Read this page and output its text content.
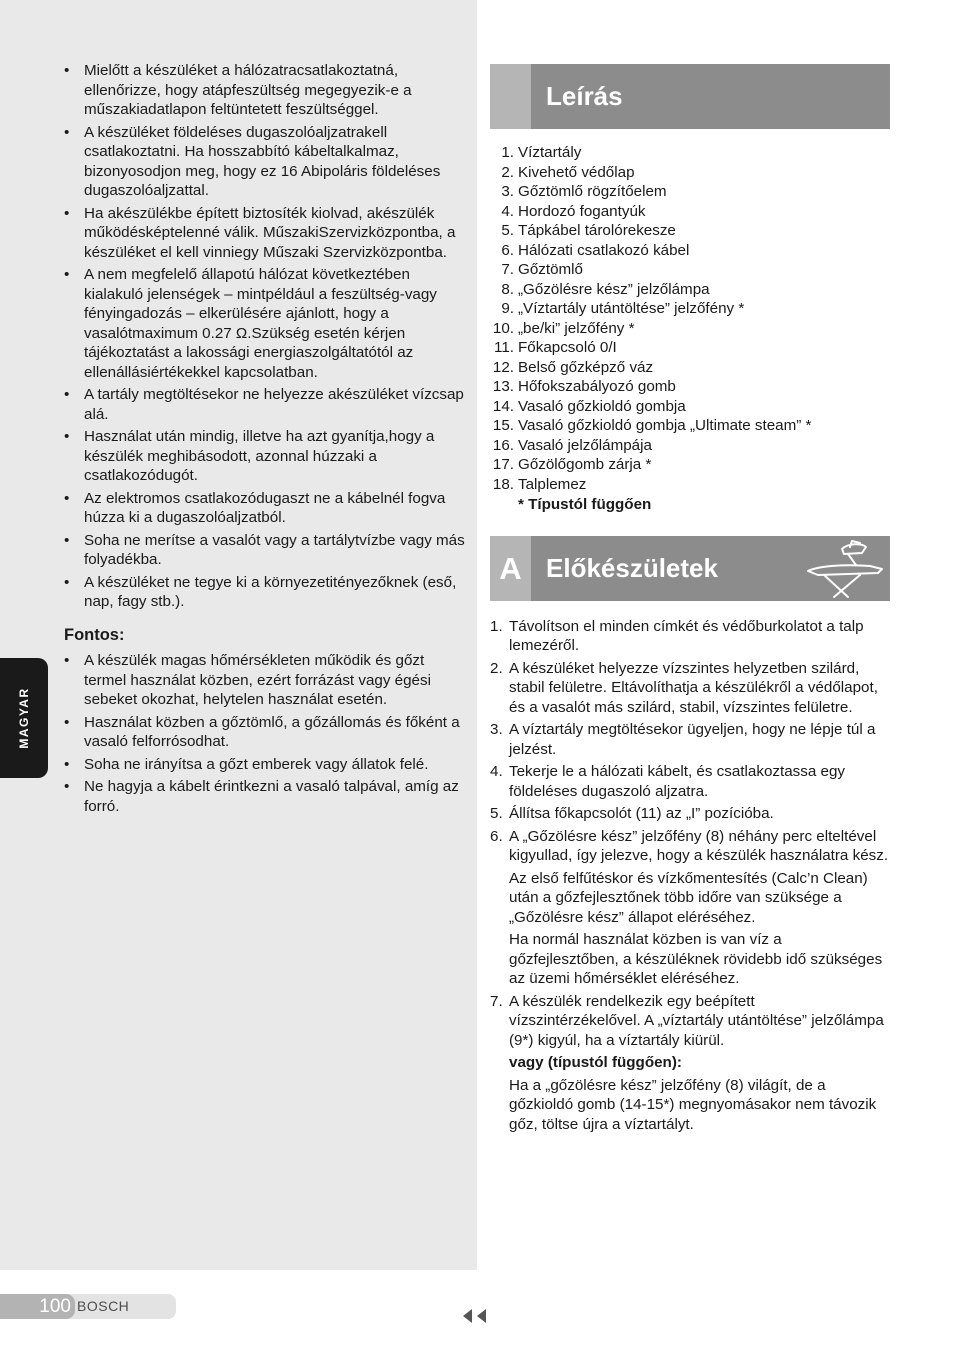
MAGYAR
• Mielőtt a készüléket a hálózatracsatlakoztatná, ellenőrizze, hogy atápfeszültség megegyezik-e a műszakiadatlapon feltüntetett feszültséggel.
• A készüléket földeléses dugaszolóaljzatrakell csatlakoztatni. Ha hosszabbító kábeltalkalmaz, bizonyosodjon meg, hogy ez 16 Abipoláris földeléses dugaszolóaljzattal.
• Ha akészülékbe épített biztosíték kiolvad, akészülék működésképtelenné válik. MűszakiSzervizközpontba, a készüléket el kell vinniegy Műszaki Szervizközpontba.
• A nem megfelelő állapotú hálózat következtében kialakuló jelenségek – mintpéldául a feszültség-vagy fényingadozás – elkerülésére ajánlott, hogy a vasalótmaximum 0.27 Ω.Szükség esetén kérjen tájékoztatást a lakossági energiaszolgáltatótól az ellenállásiértékekkel kapcsolatban.
• A tartály megtöltésekor ne helyezze akészüléket vízcsap alá.
• Használat után mindig, illetve ha azt gyanítja,hogy a készülék meghibásodott, azonnal húzzaki a csatlakozódugót.
• Az elektromos csatlakozódugaszt ne a kábelnél fogva húzza ki a dugaszolóaljzatból.
• Soha ne merítse a vasalót vagy a tartálytvízbe vagy más folyadékba.
• A készüléket ne tegye ki a környezetitényezőknek (eső, nap, fagy stb.).
Fontos:
• A készülék magas hőmérsékleten működik és gőzt termel használat közben, ezért forrázást vagy égési sebeket okozhat, helytelen használat esetén.
• Használat közben a gőztömlő, a gőzállomás és főként a vasaló felforrósodhat.
• Soha ne irányítsa a gőzt emberek vagy állatok felé.
• Ne hagyja a kábelt érintkezni a vasaló talpával, amíg az forró.
Leírás
1. Víztartály
2. Kivehető védőlap
3. Gőztömlő rögzítőelem
4. Hordozó fogantyúk
5. Tápkábel tárolórekesze
6. Hálózati csatlakozó kábel
7. Gőztömlő
8. „Gőzölésre kész” jelzőlámpa
9. „Víztartály utántöltése” jelzőfény *
10. „be/ki” jelzőfény *
11. Főkapcsoló 0/I
12. Belső gőzképző váz
13. Hőfokszabályozó gomb
14. Vasaló gőzkioldó gombja
15. Vasaló gőzkioldó gombja „Ultimate steam” *
16. Vasaló jelzőlámpája
17. Gőzölőgomb zárja *
18. Talplemez
* Típustól függően
A Előkészületek
1. Távolítson el minden címkét és védőburkolatot a talp lemezéről.

2. A készüléket helyezze vízszintes helyzetben szilárd, stabil felületre. Eltávolíthatja a készülékről a védőlapot, és a vasalót más szilárd, stabil, vízszintes felületre.

3. A víztartály megtöltésekor ügyeljen, hogy ne lépje túl a jelzést.

4. Tekerje le a hálózati kábelt, és csatlakoztassa egy földeléses dugaszoló aljzatra.

5. Állítsa főkapcsolót (11) az „I” pozícióba.

6. A „Gőzölésre kész” jelzőfény (8) néhány perc elteltével kigyullad, így jelezve, hogy a készülék használatra kész.

Az első felfűtéskor és vízkőmentesítés (Calc’n Clean) után a gőzfejlesztőnek több időre van szüksége a „Gőzölésre kész” állapot eléréséhez.

Ha normál használat közben is van víz a gőzfejlesztőben, a készüléknek rövidebb idő szükséges az üzemi hőmérséklet eléréséhez.

7. A készülék rendelkezik egy beépített vízszintérzékelővel. A „víztartály utántöltése” jelzőlámpa (9*) kigyúl, ha a víztartály kiürül.

vagy (típustól függően):

Ha a „gőzölésre kész” jelzőfény (8) világít, de a gőzkioldó gomb (14-15*) megnyomásakor nem távozik gőz, töltse újra a víztartályt.

100 BOSCH
